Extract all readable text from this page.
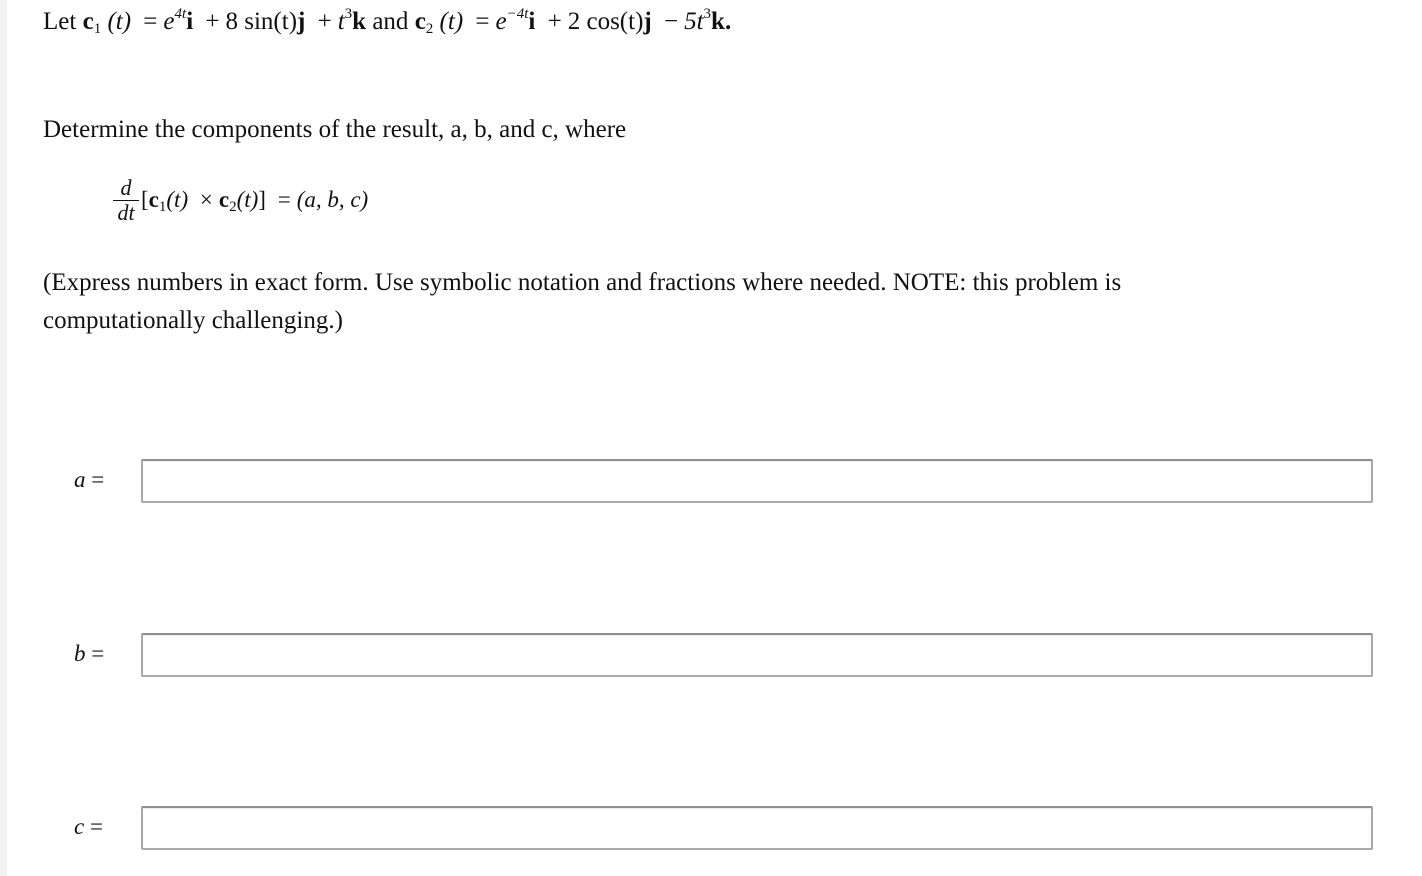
Let $c_1$ $(t) = e^{4t}i + 8$ $\sin(t)j + t^3k$ and $c_2$ $(t) = e^{-4t}i + 2$ $\cos(t)j - 5t^3k$.
Determine the components of the result, a, b, and c, where
$\frac{d}{dt} [c_1(t) \times c_2(t)] = (a$, b, c)
(Express numbers in exact form. Use symbolic notation and fractions where needed. NOTE: this problem is computationally challenging.)
a =
b =
c =
